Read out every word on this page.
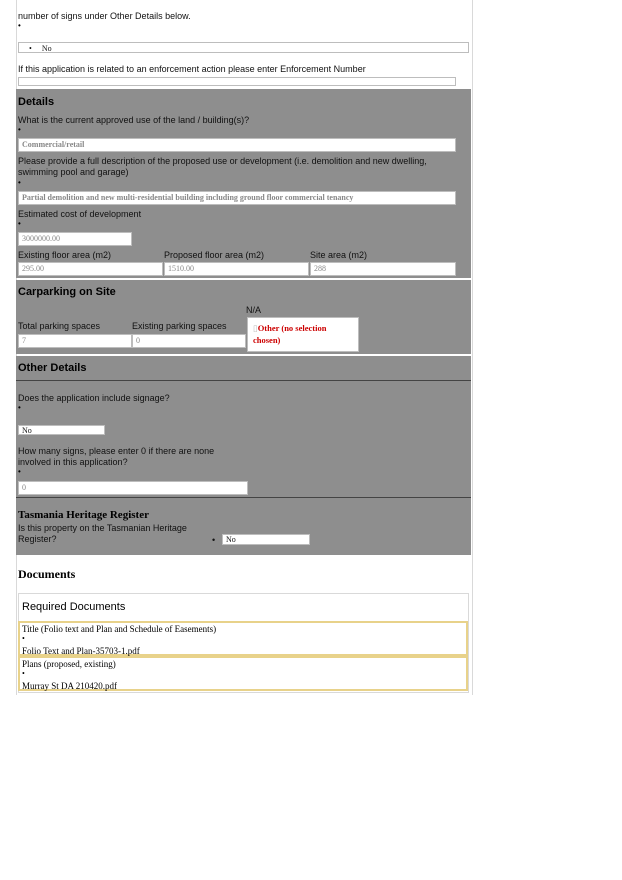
number of signs under Other Details below.
•
• No
If this application is related to an enforcement action please enter Enforcement Number
Details
What is the current approved use of the land / building(s)?
•
Commercial/retail
Please provide a full description of the proposed use or development (i.e. demolition and new dwelling, swimming pool and garage)
•
Partial demolition and new multi-residential building including ground floor commercial tenancy
Estimated cost of development
•
3000000.00
Existing floor area (m2)	Proposed floor area (m2)	Site area (m2)
295.00	1510.00	288
Carparking on Site
N/A
Total parking spaces	Existing parking spaces
7	0
▯Other (no selection chosen)
Other Details
Does the application include signage?
•
No
How many signs, please enter 0 if there are none involved in this application?
•
0
Tasmania Heritage Register
Is this property on the Tasmanian Heritage Register?	•	No
Documents
Required Documents
Title (Folio text and Plan and Schedule of Easements)
•
Folio Text and Plan-35703-1.pdf
Plans (proposed, existing)
•
Murray St DA 210420.pdf
